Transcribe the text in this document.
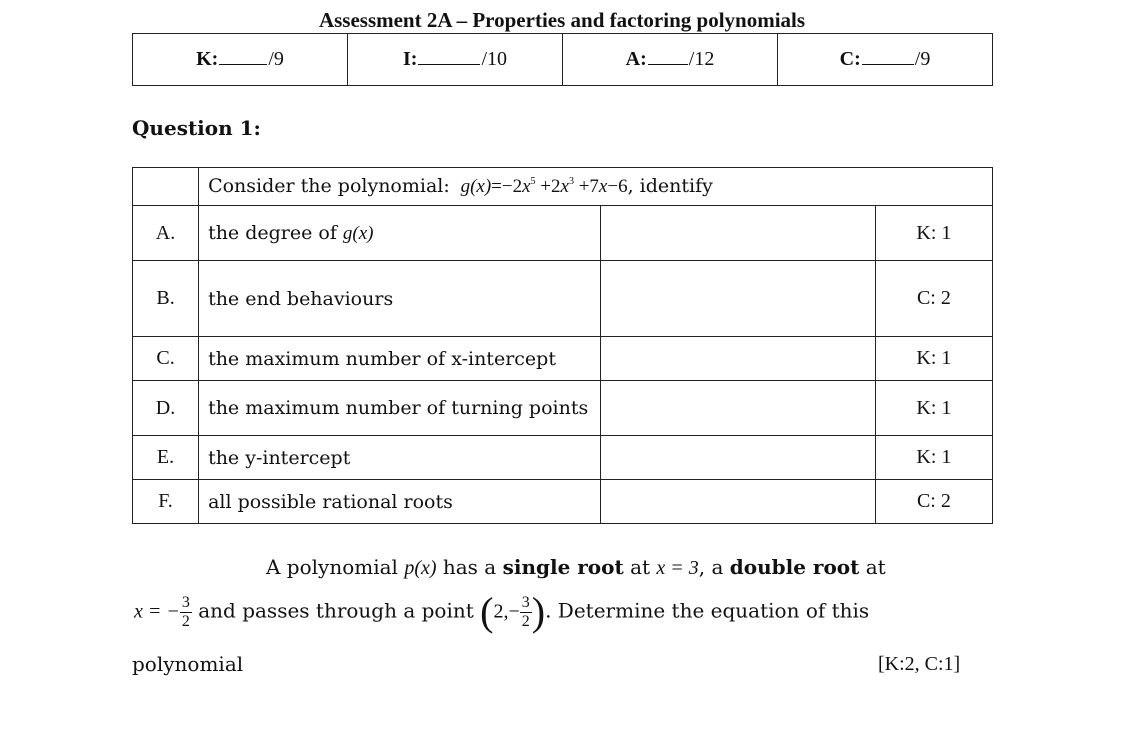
Assessment 2A – Properties and factoring polynomials
K:	/9	I:	/10	A: /12	C:	/9
Question 1:
	Consider the polynomial:  $g(x)=-2x^5 +2x^3 +7x-6$, identify		
A.	the degree of g(x)		K: 1
B.	the end behaviours		C: 2
C.	the maximum number of x-intercept		K: 1
D.	the maximum number of turning points		K: 1
E.	the y-intercept		K: 1
F.	all possible rational roots		C: 2
A polynomial p(x) has a single root at x = 3, a double root at
x = − $\frac{3}{2}$ and passes through a point ($2,- \frac{3}{2}$ ). Determine the equation of this
polynomial	[K:2, C:1]
